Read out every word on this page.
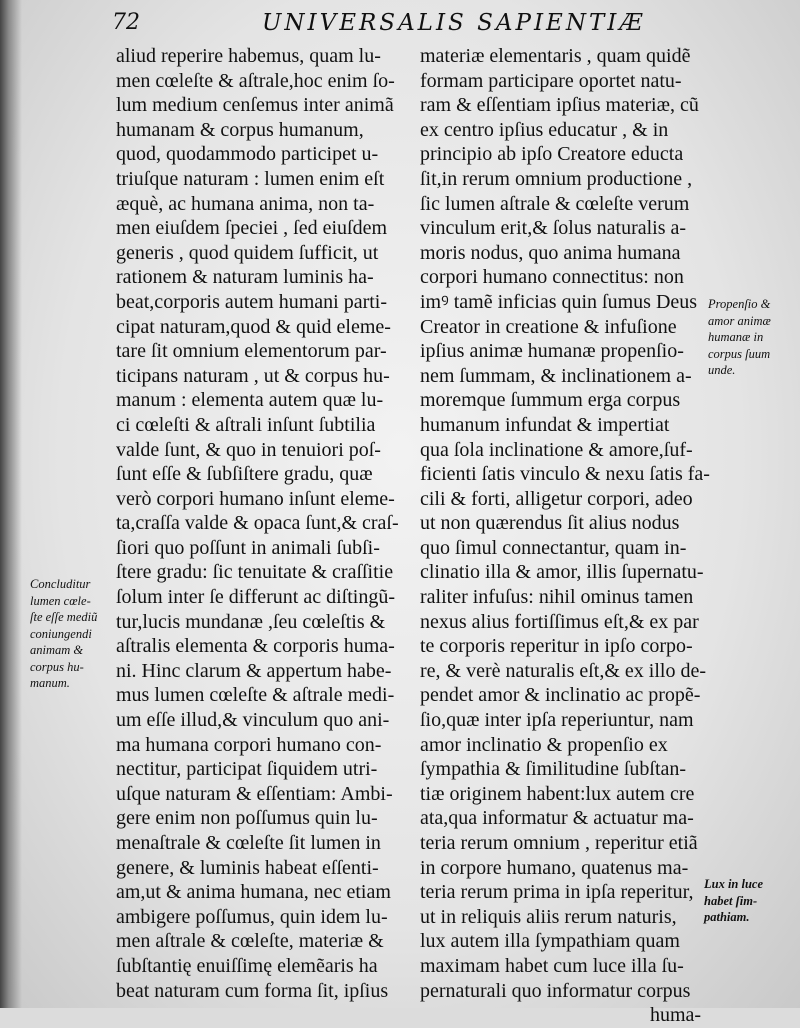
72	UNIVERSALIS SAPIENTIÆ
aliud reperire habemus, quam lu-
men cœleſte & aſtrale,hoc enim ſo-
lum medium cenſemus inter animã
humanam & corpus humanum,
quod, quodammodo participet u-
triuſque naturam : lumen enim eſt
æquè, ac humana anima, non ta-
men eiuſdem ſpeciei , ſed eiuſdem
generis , quod quidem ſufficit, ut
rationem & naturam luminis ha-
beat,corporis autem humani parti-
cipat naturam,quod & quid eleme-
tare ſit omnium elementorum par-
ticipans naturam , ut & corpus hu-
manum : elementa autem quæ lu-
ci cœleſti & aſtrali inſunt ſubtilia
valde ſunt, & quo in tenuiori poſ-
ſunt eſſe & ſubſiſtere gradu, quæ
verò corpori humano inſunt eleme-
ta,craſſa valde & opaca ſunt,& craſ-
ſiori quo poſſunt in animali ſubſi-
ſtere gradu: ſic tenuitate & craſſitie
ſolum inter ſe differunt ac diſtingũ-
tur,lucis mundanæ ,ſeu cœleſtis &
aſtralis elementa & corporis huma-
ni. Hinc clarum & appertum habe-
mus lumen cœleſte & aſtrale medi-
um eſſe illud,& vinculum quo ani-
ma humana corpori humano con-
nectitur, participat ſiquidem utri-
uſque naturam & eſſentiam: Ambi-
gere enim non poſſumus quin lu-
menaſtrale & cœleſte ſit lumen in
genere, & luminis habeat eſſenti-
am,ut & anima humana, nec etiam
ambigere poſſumus, quin idem lu-
men aſtrale & cœleſte, materiæ &
ſubſtantię enuiſſimę elemẽaris ha
beat naturam cum forma ſit, ipſius
materiæ elementaris , quam quidẽ
formam participare oportet natu-
ram & eſſentiam ipſius materiæ, cũ
ex centro ipſius educatur , & in
principio ab ipſo Creatore educta
ſit,in rerum omnium productione ,
ſic lumen aſtrale & cœleſte verum
vinculum erit,& ſolus naturalis a-
moris nodus, quo anima humana
corpori humano connectitus: non
imꝰ tamẽ inficias quin ſumus Deus
Creator in creatione & infuſione
ipſius animæ humanæ propenſio-
nem ſummam, & inclinationem a-
moremque ſummum erga corpus
humanum infundat & impertiat
qua ſola inclinatione & amore,ſuf-
ficienti ſatis vinculo & nexu ſatis fa-
cili & forti, alligetur corpori, adeo
ut non quærendus ſit alius nodus
quo ſimul connectantur, quam in-
clinatio illa & amor, illis ſupernatu-
raliter infuſus: nihil ominus tamen
nexus alius fortiſſimus eſt,& ex par
te corporis reperitur in ipſo corpo-
re, & verè naturalis eſt,& ex illo de-
pendet amor & inclinatio ac propẽ-
ſio,quæ inter ipſa reperiuntur, nam
amor inclinatio & propenſio ex
ſympathia & ſimilitudine ſubſtan-
tiæ originem habent:lux autem cre
ata,qua informatur & actuatur ma-
teria rerum omnium , reperitur etiã
in corpore humano, quatenus ma-
teria rerum prima in ipſa reperitur,
ut in reliquis aliis rerum naturis,
lux autem illa ſympathiam quam
maximam habet cum luce illa ſu-
pernaturali quo informatur corpus
huma-
Concluditur
lumen cœle-
ſte eſſe mediũ
coniungendi
animam &
corpus hu-
manum.
Propenſio &
amor animæ
humanæ in
corpus ſuum
unde.
Lux in luce
habet ſim-
pathiam.
